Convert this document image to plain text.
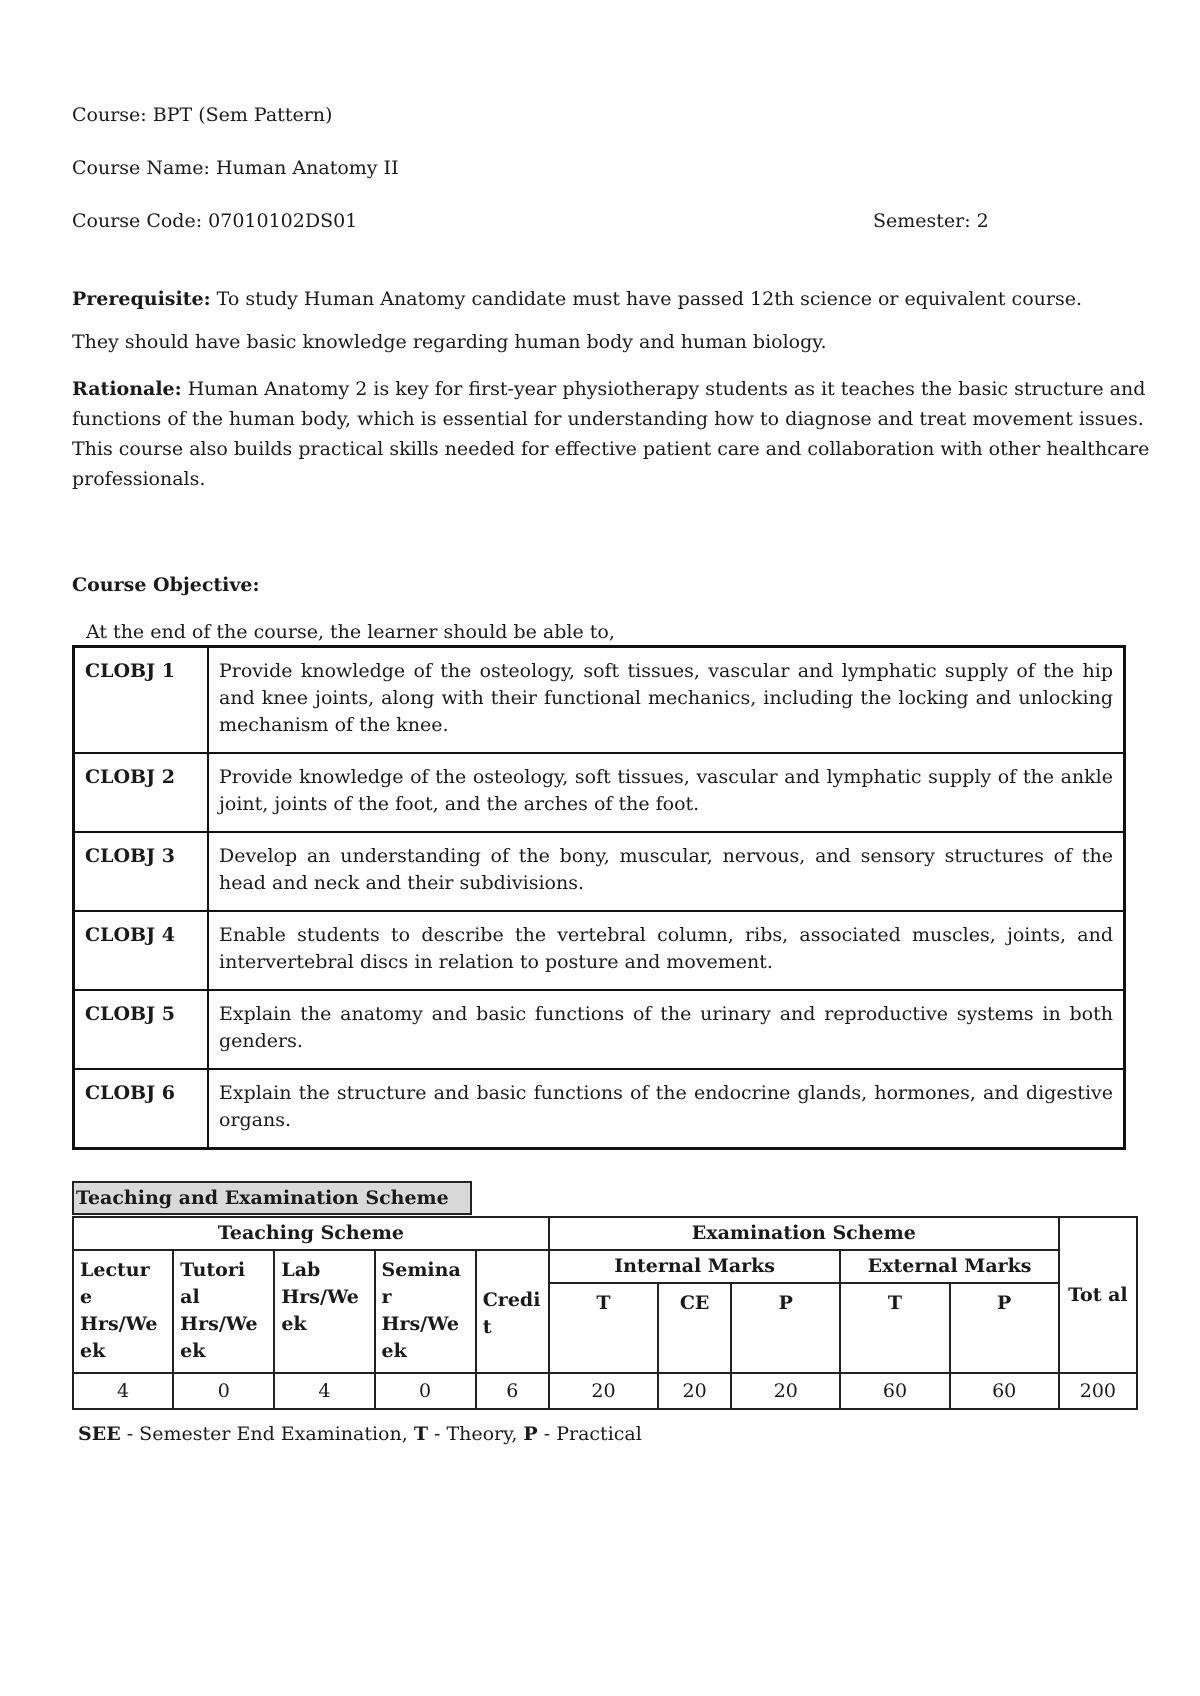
Course: BPT (Sem Pattern)
Course Name: Human Anatomy II
Course Code: 07010102DS01	Semester: 2
Prerequisite: To study Human Anatomy candidate must have passed 12th science or equivalent course.
They should have basic knowledge regarding human body and human biology.
Rationale: Human Anatomy 2 is key for first-year physiotherapy students as it teaches the basic structure and functions of the human body, which is essential for understanding how to diagnose and treat movement issues. This course also builds practical skills needed for effective patient care and collaboration with other healthcare professionals.
Course Objective:
At the end of the course, the learner should be able to,
CLOBJ 1	Provide knowledge of the osteology, soft tissues, vascular and lymphatic supply of the hip and knee joints, along with their functional mechanics, including the locking and unlocking mechanism of the knee.
CLOBJ 2	Provide knowledge of the osteology, soft tissues, vascular and lymphatic supply of the ankle joint, joints of the foot, and the arches of the foot.
CLOBJ 3	Develop an understanding of the bony, muscular, nervous, and sensory structures of the head and neck and their subdivisions.
CLOBJ 4	Enable students to describe the vertebral column, ribs, associated muscles, joints, and intervertebral discs in relation to posture and movement.
CLOBJ 5	Explain the anatomy and basic functions of the urinary and reproductive systems in both genders.
CLOBJ 6	Explain the structure and basic functions of the endocrine glands, hormones, and digestive organs.
Teaching and Examination Scheme
Teaching Scheme					Examination Scheme					Tot al
Lectur e Hrs/We ek	Tutori al Hrs/We ek	Lab Hrs/We ek	Semina r Hrs/We ek	Credi t	Internal Marks			External Marks		
					T	CE	P	T	P	
4	0	4	0	6	20	20	20	60	60	200
SEE - Semester End Examination, T - Theory, P - Practical
